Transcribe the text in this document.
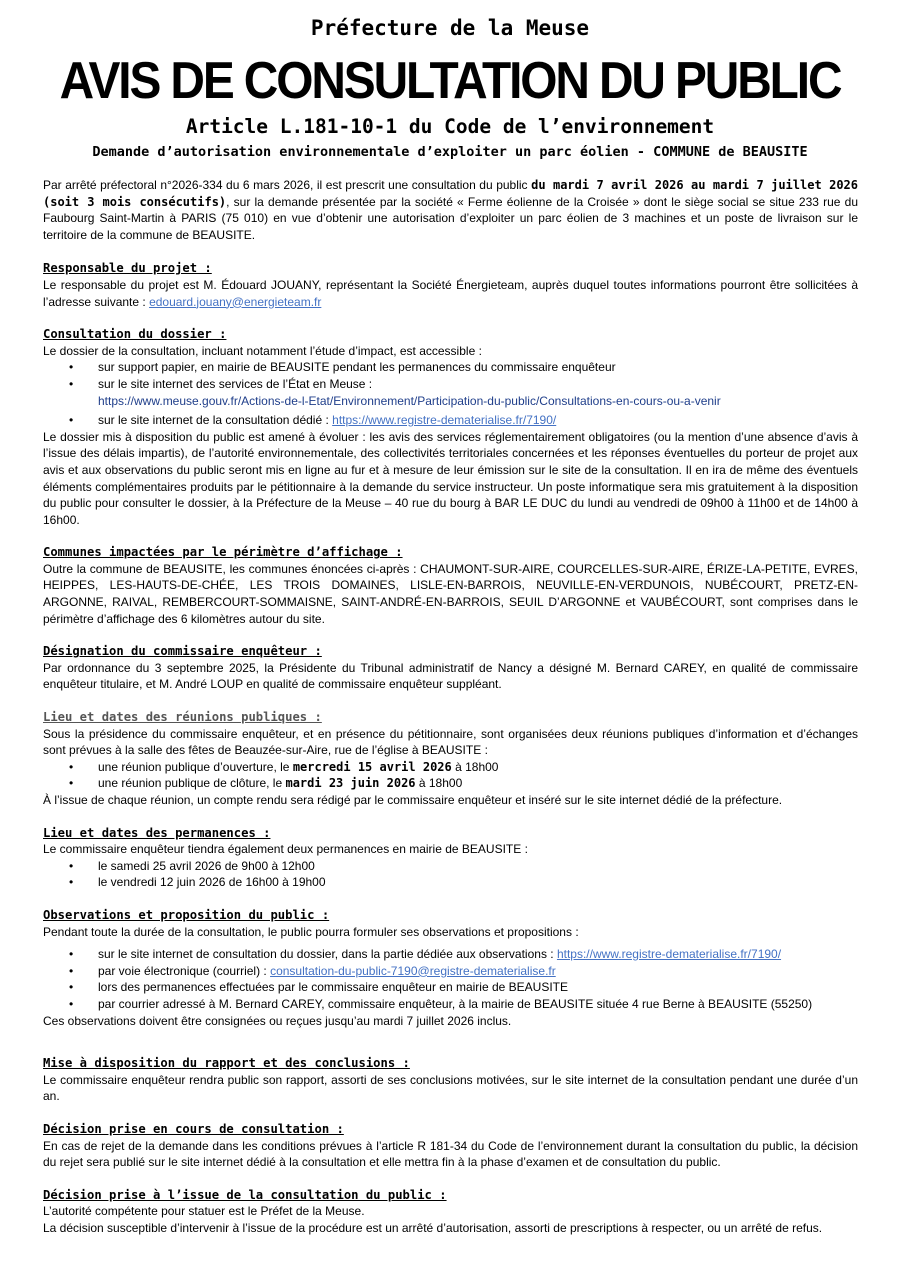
Préfecture de la Meuse
AVIS DE CONSULTATION DU PUBLIC
Article L.181-10-1 du Code de l’environnement
Demande d’autorisation environnementale d’exploiter un parc éolien - COMMUNE de BEAUSITE

Par arrêté préfectoral n°2026-334 du 6 mars 2026, il est prescrit une consultation du public du mardi 7 avril 2026 au mardi 7 juillet 2026 (soit 3 mois consécutifs), sur la demande présentée par la société « Ferme éolienne de la Croisée » dont le siège social se situe 233 rue du Faubourg Saint-Martin à PARIS (75 010) en vue d’obtenir une autorisation d’exploiter un parc éolien de 3 machines et un poste de livraison sur le territoire de la commune de BEAUSITE.

Responsable du projet :

Le responsable du projet est M. Édouard JOUANY, représentant la Société Énergieteam, auprès duquel toutes informations pourront être sollicitées à l’adresse suivante : edouard.jouany@energieteam.fr

Consultation du dossier :

Le dossier de la consultation, incluant notamment l’étude d’impact, est accessible :

• sur support papier, en mairie de BEAUSITE pendant les permanences du commissaire enquêteur
• sur le site internet des services de l’État en Meuse :
https://www.meuse.gouv.fr/Actions-de-l-Etat/Environnement/Participation-du-public/Consultations-en-cours-ou-a-venir
• sur le site internet de la consultation dédié : https://www.registre-dematerialise.fr/7190/

Le dossier mis à disposition du public est amené à évoluer : les avis des services réglementairement obligatoires (ou la mention d’une absence d’avis à l’issue des délais impartis), de l’autorité environnementale, des collectivités territoriales concernées et les réponses éventuelles du porteur de projet aux avis et aux observations du public seront mis en ligne au fur et à mesure de leur émission sur le site de la consultation. Il en ira de même des éventuels éléments complémentaires produits par le pétitionnaire à la demande du service instructeur. Un poste informatique sera mis gratuitement à la disposition du public pour consulter le dossier, à la Préfecture de la Meuse – 40 rue du bourg à BAR LE DUC du lundi au vendredi de 09h00 à 11h00 et de 14h00 à 16h00.

Communes impactées par le périmètre d’affichage :

Outre la commune de BEAUSITE, les communes énoncées ci-après : CHAUMONT-SUR-AIRE, COURCELLES-SUR-AIRE, ÉRIZE-LA-PETITE, EVRES, HEIPPES, LES-HAUTS-DE-CHÉE, LES TROIS DOMAINES, LISLE-EN-BARROIS, NEUVILLE-EN-VERDUNOIS, NUBÉCOURT, PRETZ-EN-ARGONNE, RAIVAL, REMBERCOURT-SOMMAISNE, SAINT-ANDRÉ-EN-BARROIS, SEUIL D’ARGONNE et VAUBÉCOURT, sont comprises dans le périmètre d’affichage des 6 kilomètres autour du site.

Désignation du commissaire enquêteur :

Par ordonnance du 3 septembre 2025, la Présidente du Tribunal administratif de Nancy a désigné M. Bernard CAREY, en qualité de commissaire enquêteur titulaire, et M. André LOUP en qualité de commissaire enquêteur suppléant.

Lieu et dates des réunions publiques :

Sous la présidence du commissaire enquêteur, et en présence du pétitionnaire, sont organisées deux réunions publiques d’information et d’échanges sont prévues à la salle des fêtes de Beauzée-sur-Aire, rue de l’église à BEAUSITE :

• une réunion publique d’ouverture, le mercredi 15 avril 2026 à 18h00
• une réunion publique de clôture, le mardi 23 juin 2026 à 18h00

À l’issue de chaque réunion, un compte rendu sera rédigé par le commissaire enquêteur et inséré sur le site internet dédié de la préfecture.

Lieu et dates des permanences :

Le commissaire enquêteur tiendra également deux permanences en mairie de BEAUSITE :

• le samedi 25 avril 2026 de 9h00 à 12h00
• le vendredi 12 juin 2026 de 16h00 à 19h00
Observations et proposition du public :

Pendant toute la durée de la consultation, le public pourra formuler ses observations et propositions :

• sur le site internet de consultation du dossier, dans la partie dédiée aux observations : https://www.registre-dematerialise.fr/7190/
• par voie électronique (courriel) : consultation-du-public-7190@registre-dematerialise.fr
• lors des permanences effectuées par le commissaire enquêteur en mairie de BEAUSITE
• par courrier adressé à M. Bernard CAREY, commissaire enquêteur, à la mairie de BEAUSITE située 4 rue Berne à BEAUSITE (55250)

Ces observations doivent être consignées ou reçues jusqu’au mardi 7 juillet 2026 inclus.

Mise à disposition du rapport et des conclusions :

Le commissaire enquêteur rendra public son rapport, assorti de ses conclusions motivées, sur le site internet de la consultation pendant une durée d’un an.

Décision prise en cours de consultation :

En cas de rejet de la demande dans les conditions prévues à l’article R 181-34 du Code de l’environnement durant la consultation du public, la décision du rejet sera publié sur le site internet dédié à la consultation et elle mettra fin à la phase d’examen et de consultation du public.

Décision prise à l’issue de la consultation du public :

L’autorité compétente pour statuer est le Préfet de la Meuse.

La décision susceptible d’intervenir à l’issue de la procédure est un arrêté d’autorisation, assorti de prescriptions à respecter, ou un arrêté de refus.
